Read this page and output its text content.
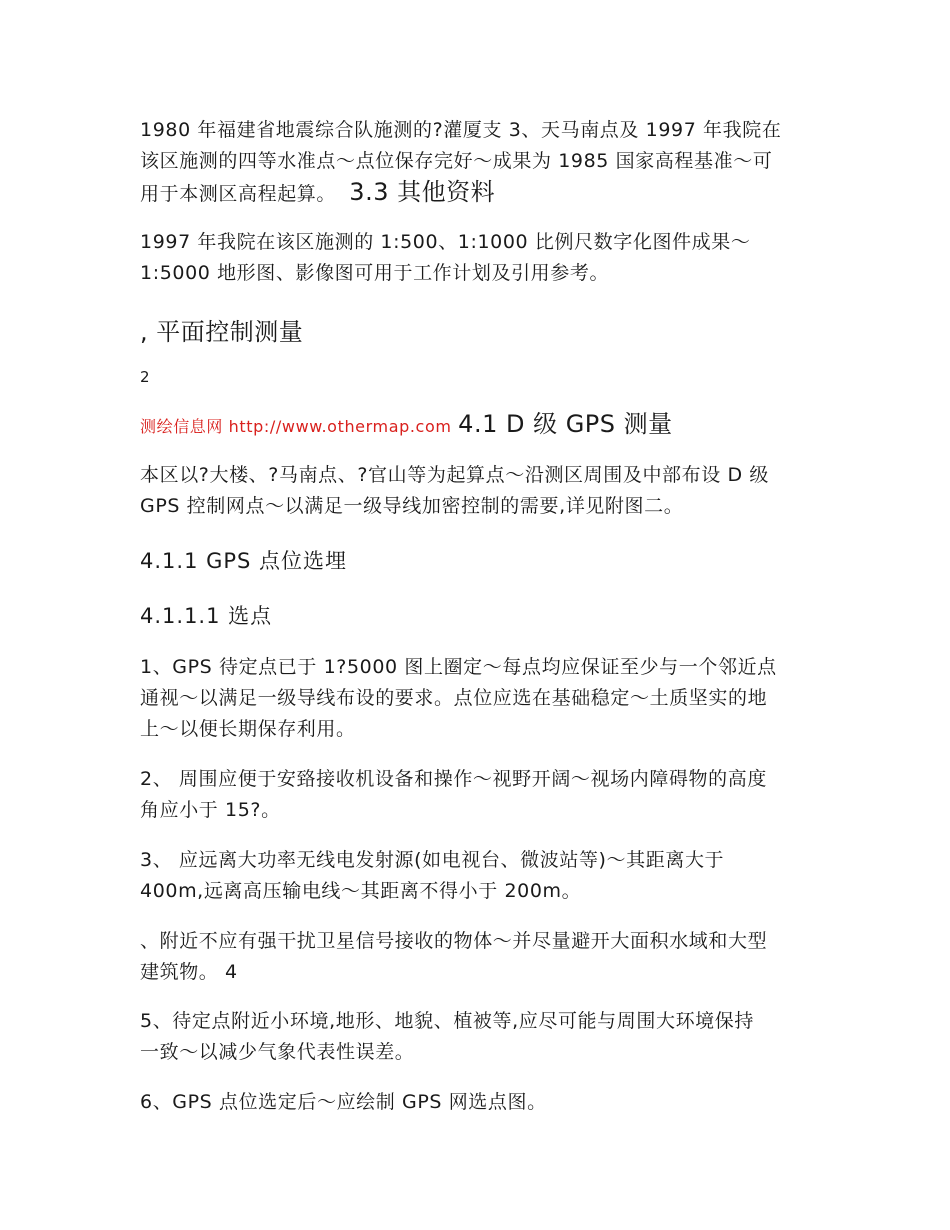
1980 年福建省地震综合队施测的?灌厦支 3、天马南点及 1997 年我院在
该区施测的四等水准点～点位保存完好～成果为 1985 国家高程基准～可
用于本测区高程起算。 3.3 其他资料
1997 年我院在该区施测的 1:500、1:1000 比例尺数字化图件成果～
1:5000 地形图、影像图可用于工作计划及引用参考。
, 平面控制测量
2
测绘信息网 http://www.othermap.com 4.1 D 级 GPS 测量
本区以?大楼、?马南点、?官山等为起算点～沿测区周围及中部布设 D 级
GPS 控制网点～以满足一级导线加密控制的需要,详见附图二。
4.1.1 GPS 点位选埋
4.1.1.1 选点
1、GPS 待定点已于 1?5000 图上圈定～每点均应保证至少与一个邻近点
通视～以满足一级导线布设的要求。点位应选在基础稳定～土质坚实的地
上～以便长期保存利用。
2、 周围应便于安臵接收机设备和操作～视野开阔～视场内障碍物的高度
角应小于 15?。
3、 应远离大功率无线电发射源(如电视台、微波站等)～其距离大于
400m,远离高压输电线～其距离不得小于 200m。
、附近不应有强干扰卫星信号接收的物体～并尽量避开大面积水域和大型
建筑物。 4
5、待定点附近小环境,地形、地貌、植被等,应尽可能与周围大环境保持
一致～以减少气象代表性误差。
6、GPS 点位选定后～应绘制 GPS 网选点图。
